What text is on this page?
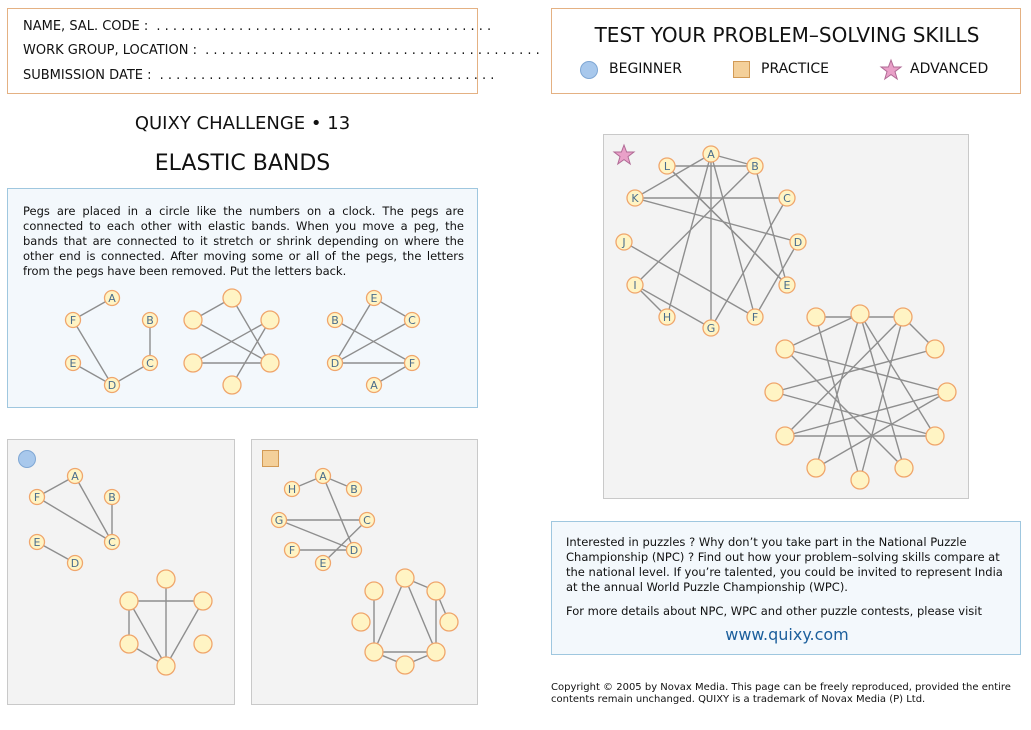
NAME, SAL. CODE : . . . . . . . . . . . . . . . . . . . . . . . . . . . . . . . . . . . . . . . . .
WORK GROUP, LOCATION : . . . . . . . . . . . . . . . . . . . . . . . . . . . . . . . . . . . . . . . . .
SUBMISSION DATE : . . . . . . . . . . . . . . . . . . . . . . . . . . . . . . . . . . . . . . . . .
TEST YOUR PROBLEM–SOLVING SKILLS
BEGINNER	PRACTICE	ADVANCED
QUIXY CHALLENGE • 13
ELASTIC BANDS
Pegs are placed in a circle like the numbers on a clock. The pegs are connected to each other with elastic bands. When you move a peg, the bands that are connected to it stretch or shrink depending on where the other end is connected. After moving some or all of the pegs, the letters from the pegs have been removed. Put the letters back.
A
B
C
D
E
F
E
C
F
A
D
B
A
B
C
D
E
F
A
B
C
D
E
F
G
H
A
B
C
D
E
F
G
H
I
J
K
L
Interested in puzzles ? Why don’t you take part in the National Puzzle Championship (NPC) ? Find out how your problem–solving skills compare at the national level. If you’re talented, you could be invited to represent India at the annual World Puzzle Championship (WPC).
For more details about NPC, WPC and other puzzle contests, please visit
www.quixy.com
Copyright © 2005 by Novax Media. This page can be freely reproduced, provided the entire contents remain unchanged. QUIXY is a trademark of Novax Media (P) Ltd.
